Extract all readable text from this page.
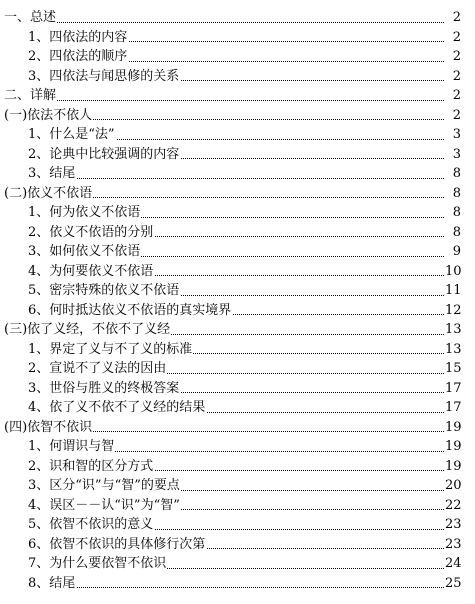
一、总述	2
1、四依法的内容	2
2、四依法的顺序	2
3、四依法与闻思修的关系	2
二、详解	2
(一)依法不依人	2
1、什么是“法”	3
2、论典中比较强调的内容	3
3、结尾	8
(二)依义不依语	8
1、何为依义不依语	8
2、依义不依语的分别	8
3、如何依义不依语	9
4、为何要依义不依语	10
5、密宗特殊的依义不依语	11
6、何时抵达依义不依语的真实境界	12
(三)依了义经，不依不了义经	13
1、界定了义与不了义的标准	13
2、宣说不了义法的因由	15
3、世俗与胜义的终极答案	17
4、依了义不依不了义经的结果	17
(四)依智不依识	19
1、何谓识与智	19
2、识和智的区分方式	19
3、区分“识”与“智”的要点	20
4、误区－－认“识”为“智”	22
5、依智不依识的意义	23
6、依智不依识的具体修行次第	23
7、为什么要依智不依识	24
8、结尾	25
